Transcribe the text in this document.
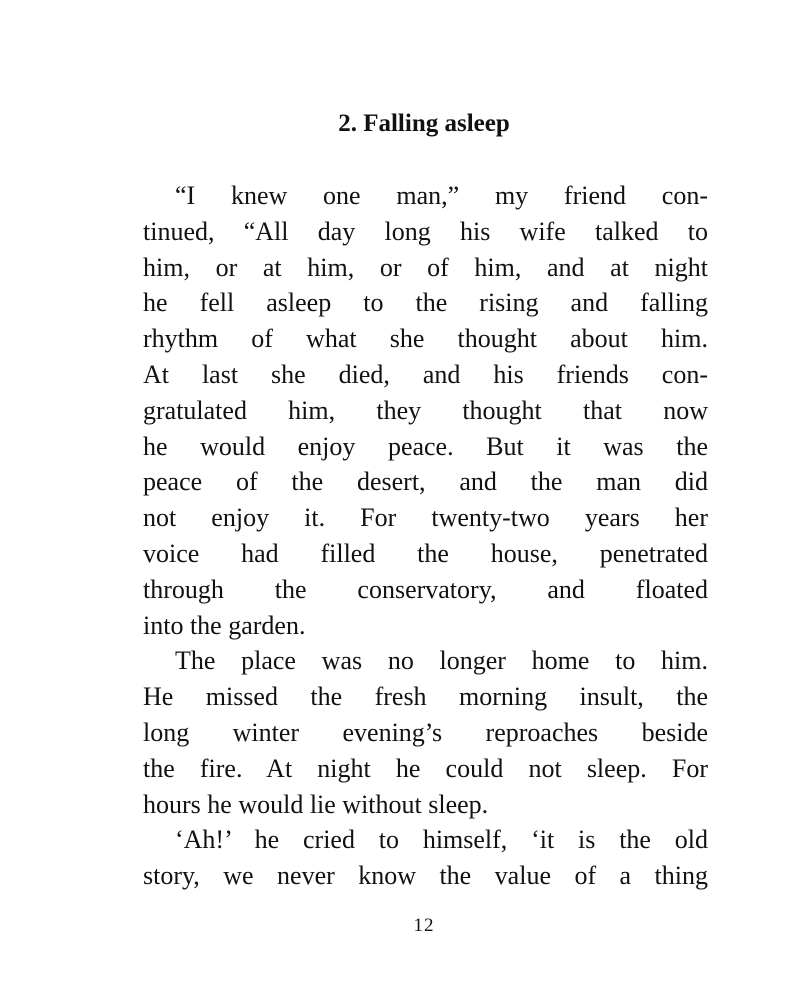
2. Falling asleep
“I knew one man,” my friend con-
tinued, “All day long his wife talked to
him, or at him, or of him, and at night
he fell asleep to the rising and falling
rhythm of what she thought about him.
At last she died, and his friends con-
gratulated him, they thought that now
he would enjoy peace. But it was the
peace of the desert, and the man did
not enjoy it. For twenty-two years her
voice had filled the house, penetrated
through the conservatory, and floated
into the garden.
The place was no longer home to him.
He missed the fresh morning insult, the
long winter evening’s reproaches beside
the fire. At night he could not sleep. For
hours he would lie without sleep.
‘Ah!’ he cried to himself, ‘it is the old
story, we never know the value of a thing
12
